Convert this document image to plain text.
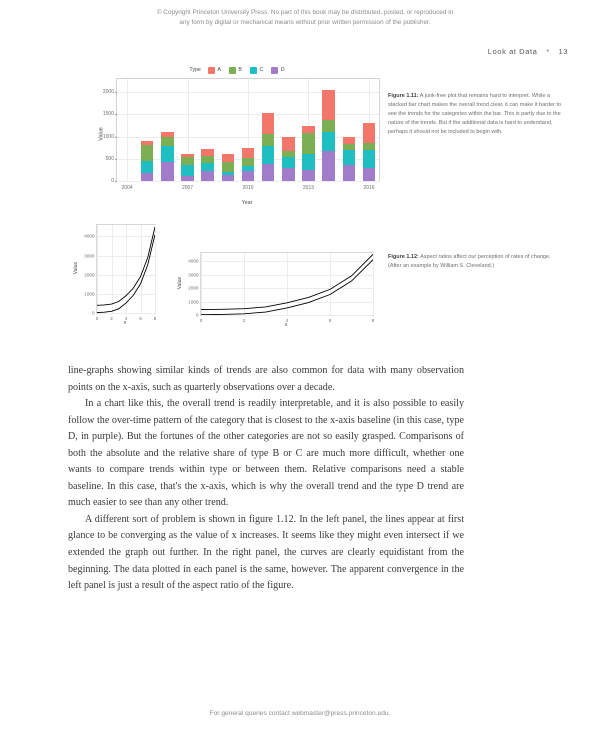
© Copyright Princeton University Press. No part of this book may be distributed, posted, or reproduced in any form by digital or mechanical means without prior written permission of the publisher.
Look at Data • 13
Type	A	B	C	D
Value
0
500
1000
1500
2000
2004	2007	2010	2013	2016
Year
Figure 1.11: A junk-free plot that remains hard to interpret. While a stacked bar chart makes the overall trend clear, it can make it harder to see the trends for the categories within the bar. This is partly due to the nature of the trends. But if the additional data is hard to understand, perhaps it should not be included to begin with.
0
1000
2000
3000
4000
0	2	4	6	8
Value
x
0
1000
2000
3000
4000
0	2	4	6	8
Value
x
Figure 1.12: Aspect ratios affect our perception of rates of change. (After an example by William S. Cleveland.)

line-graphs showing similar kinds of trends are also common for data with many observation points on the x-axis, such as quarterly observations over a decade.

In a chart like this, the overall trend is readily interpretable, and it is also possible to easily follow the over-time pattern of the category that is closest to the x-axis baseline (in this case, type D, in purple). But the fortunes of the other categories are not so easily grasped. Comparisons of both the absolute and the relative share of type B or C are much more difficult, whether one wants to compare trends within type or between them. Relative comparisons need a stable baseline. In this case, that's the x-axis, which is why the overall trend and the type D trend are much easier to see than any other trend.

A different sort of problem is shown in figure 1.12. In the left panel, the lines appear at first glance to be converging as the value of x increases. It seems like they might even intersect if we extended the graph out further. In the right panel, the curves are clearly equidistant from the beginning. The data plotted in each panel is the same, however. The apparent convergence in the left panel is just a result of the aspect ratio of the figure.

For general queries contact webmaster@press.princeton.edu.
